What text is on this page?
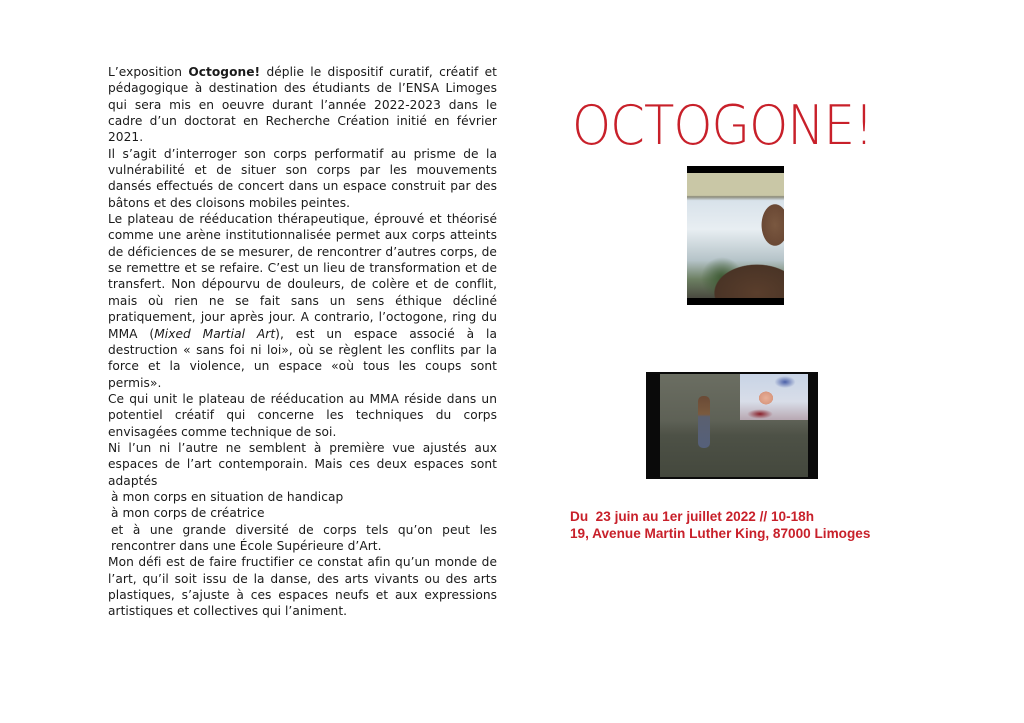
L’exposition Octogone! déplie le dispositif curatif, créatif et pédagogique à destination des étudiants de l’ENSA Limoges qui sera mis en oeuvre durant l’année 2022-2023 dans le cadre d’un doctorat en Recherche Création initié en février 2021.

Il s’agit d’interroger son corps performatif au prisme de la vulnérabilité et de situer son corps par les mouvements dansés effectués de concert dans un espace construit par des bâtons et des cloisons mobiles peintes.

Le plateau de rééducation thérapeutique, éprouvé et théorisé comme une arène institutionnalisée permet aux corps atteints de déficiences de se mesurer, de rencontrer d’autres corps, de se remettre et se refaire. C’est un lieu de transformation et de transfert. Non dépourvu de douleurs, de colère et de conflit, mais où rien ne se fait sans un sens éthique décliné pratiquement, jour après jour. A contrario, l’octogone, ring du MMA (Mixed Martial Art), est un espace associé à la destruction « sans foi ni loi», où se règlent les conflits par la force et la violence, un espace «où tous les coups sont permis».

Ce qui unit le plateau de rééducation au MMA réside dans un potentiel créatif qui concerne les techniques du corps envisagées comme technique de soi.

Ni l’un ni l’autre ne semblent à première vue ajustés aux espaces de l’art contemporain. Mais ces deux espaces sont adaptés

à mon corps en situation de handicap

à mon corps de créatrice

et à une grande diversité de corps tels qu’on peut les rencontrer dans une École Supérieure d’Art.

Mon défi est de faire fructifier ce constat afin qu’un monde de l’art, qu’il soit issu de la danse, des arts vivants ou des arts plastiques, s’ajuste à ces espaces neufs et aux expressions artistiques et collectives qui l’animent.

OCTOGONE!
Du  23 juin au 1er juillet 2022 // 10-18h
19, Avenue Martin Luther King, 87000 Limoges
